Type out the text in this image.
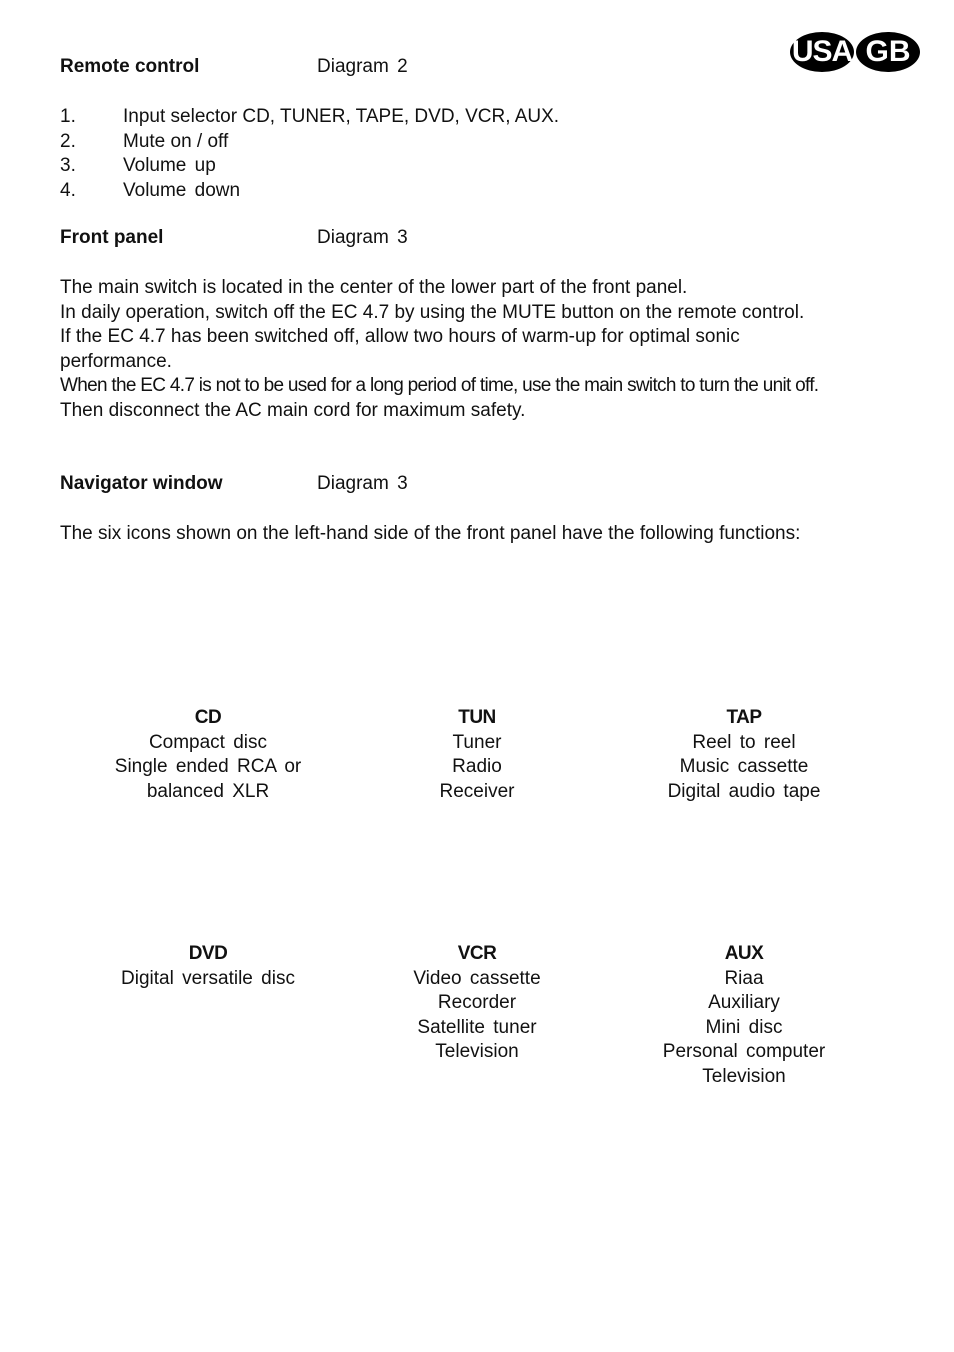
USA GB
Remote control	Diagram 2
1. Input selector CD, TUNER, TAPE, DVD, VCR, AUX.
2. Mute on / off
3. Volume up
4. Volume down
Front panel	Diagram 3
The main switch is located in the center of the lower part of the front panel.
In daily operation, switch off the EC 4.7 by using the MUTE button on the remote control.
If the EC 4.7 has been switched off, allow two hours of warm-up for optimal sonic
performance.
When the EC 4.7 is not to be used for a long period of time, use the main switch to turn the unit off.
Then disconnect the AC main cord for maximum safety.
Navigator window	Diagram 3
The six icons shown on the left-hand side of the front panel have the following functions:
CD
Compact disc
Single ended RCA or
balanced XLR
TUN
Tuner
Radio
Receiver
TAP
Reel to reel
Music cassette
Digital audio tape
DVD
Digital versatile disc
VCR
Video cassette
Recorder
Satellite tuner
Television
AUX
Riaa
Auxiliary
Mini disc
Personal computer
Television
